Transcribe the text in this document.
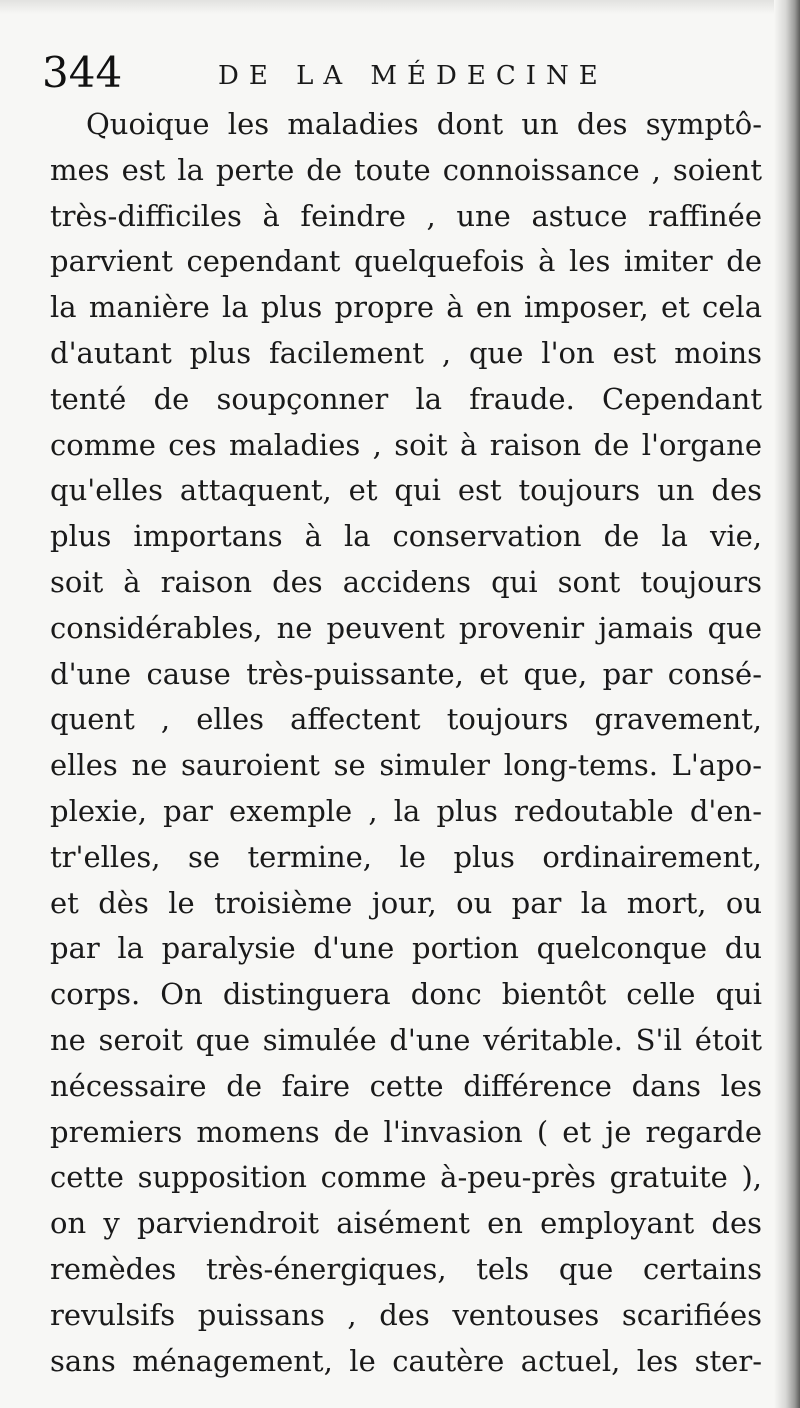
344	DE LA MÉDECINE
Quoique les maladies dont un des symptô-
mes est la perte de toute connoissance , soient
très-difficiles à feindre , une astuce raffinée
parvient cependant quelquefois à les imiter de
la manière la plus propre à en imposer, et cela
d'autant plus facilement , que l'on est moins
tenté de soupçonner la fraude. Cependant
comme ces maladies , soit à raison de l'organe
qu'elles attaquent, et qui est toujours un des
plus importans à la conservation de la vie,
soit à raison des accidens qui sont toujours
considérables, ne peuvent provenir jamais que
d'une cause très-puissante, et que, par consé-
quent , elles affectent toujours gravement,
elles ne sauroient se simuler long-tems. L'apo-
plexie, par exemple , la plus redoutable d'en-
tr'elles, se termine, le plus ordinairement,
et dès le troisième jour, ou par la mort, ou
par la paralysie d'une portion quelconque du
corps. On distinguera donc bientôt celle qui
ne seroit que simulée d'une véritable. S'il étoit
nécessaire de faire cette différence dans les
premiers momens de l'invasion ( et je regarde
cette supposition comme à-peu-près gratuite ),
on y parviendroit aisément en employant des
remèdes très-énergiques, tels que certains
revulsifs puissans , des ventouses scarifiées
sans ménagement, le cautère actuel, les ster-
